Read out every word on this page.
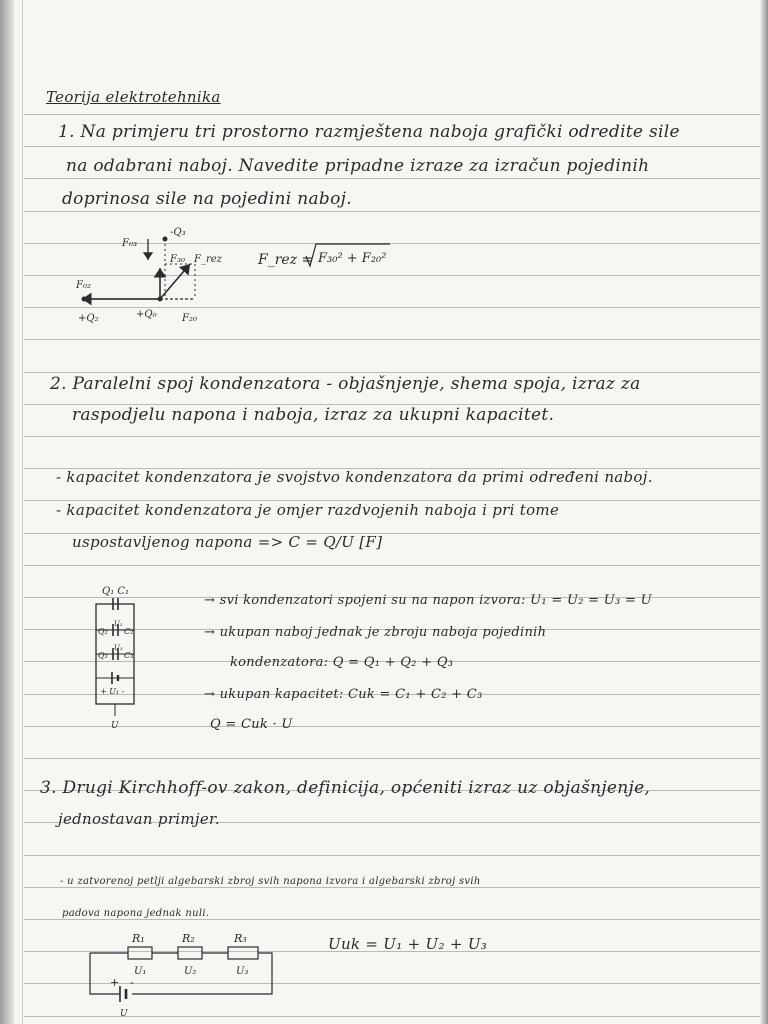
Teorija elektrotehnika
1. Na primjeru tri prostorno razmještena naboja grafički odredite sile
na odabrani naboj. Navedite pripadne izraze za izračun pojedinih
doprinosa sile na pojedini naboj.
F₀₃
-Q₃
F₃₀ F_rez
F₀₂
+Q₂	+Q₀	F₂₀
F_rez = F₃₀² + F₂₀²
2. Paralelni spoj kondenzatora - objašnjenje, shema spoja, izraz za
raspodjelu napona i naboja, izraz za ukupni kapacitet.
- kapacitet kondenzatora je svojstvo kondenzatora da primi određeni naboj.
- kapacitet kondenzatora je omjer razdvojenih naboja i pri tome
uspostavljenog napona => C = Q/U [F]
Q₁ C₁
Q₂
U₂
C₂
Q₃
U₃
C₃
+ U₁ -
U
→ svi kondenzatori spojeni su na napon izvora: U₁ = U₂ = U₃ = U
→ ukupan naboj jednak je zbroju naboja pojedinih
kondenzatora: Q = Q₁ + Q₂ + Q₃
→ ukupan kapacitet: Cuk = C₁ + C₂ + C₃
Q = Cuk · U
3. Drugi Kirchhoff-ov zakon, definicija, općeniti izraz uz objašnjenje,
jednostavan primjer.
- u zatvorenoj petlji algebarski zbroj svih napona izvora i algebarski zbroj svih
padova napona jednak nuli.
R₁	R₂	R₃
U₁	U₂	U₃
+ -
U
Uuk = U₁ + U₂ + U₃
